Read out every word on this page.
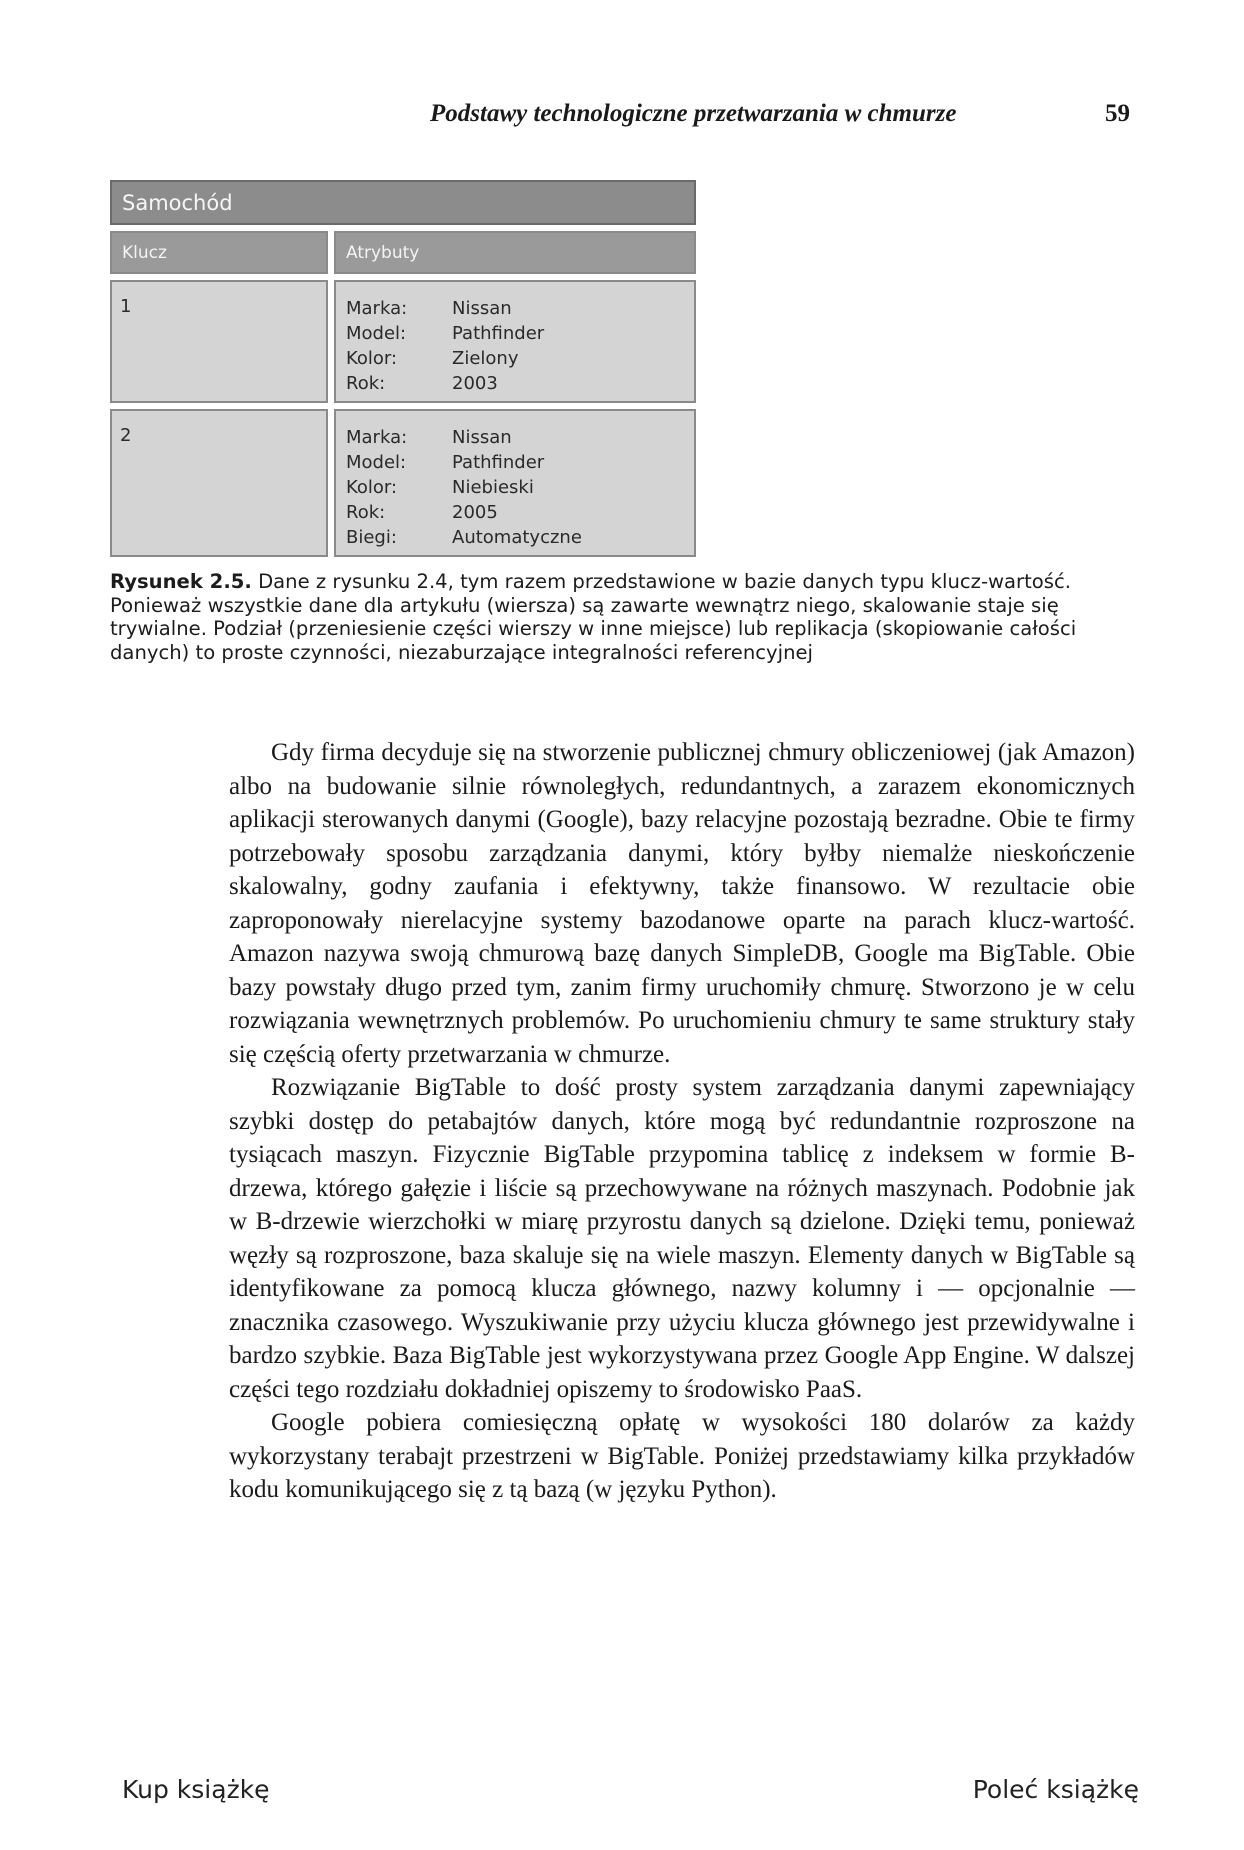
Podstawy technologiczne przetwarzania w chmurze	59
Samochód
Klucz	Atrybuty
1	Marka:	Nissan
Model:	Pathfinder
Kolor:	Zielony
Rok:	2003
2	Marka:	Nissan
Model:	Pathfinder
Kolor:	Niebieski
Rok:	2005
Biegi:	Automatyczne
Rysunek 2.5. Dane z rysunku 2.4, tym razem przedstawione w bazie danych typu klucz-wartość. Ponieważ wszystkie dane dla artykułu (wiersza) są zawarte wewnątrz niego, skalowanie staje się trywialne. Podział (przeniesienie części wierszy w inne miejsce) lub replikacja (skopiowanie całości danych) to proste czynności, niezaburzające integralności referencyjnej

Gdy firma decyduje się na stworzenie publicznej chmury obliczeniowej (jak Amazon) albo na budowanie silnie równoległych, redundantnych, a zarazem ekonomicznych aplikacji sterowanych danymi (Google), bazy relacyjne pozostają bezradne. Obie te firmy potrzebowały sposobu zarządzania danymi, który byłby niemalże nieskończenie skalowalny, godny zaufania i efektywny, także finansowo. W rezultacie obie zaproponowały nierelacyjne systemy bazodanowe oparte na parach klucz-wartość. Amazon nazywa swoją chmurową bazę danych SimpleDB, Google ma BigTable. Obie bazy powstały długo przed tym, zanim firmy uruchomiły chmurę. Stworzono je w celu rozwiązania wewnętrznych problemów. Po uruchomieniu chmury te same struktury stały się częścią oferty przetwarzania w chmurze.

Rozwiązanie BigTable to dość prosty system zarządzania danymi zapewniający szybki dostęp do petabajtów danych, które mogą być redundantnie rozproszone na tysiącach maszyn. Fizycznie BigTable przypomina tablicę z indeksem w formie B-drzewa, którego gałęzie i liście są przechowywane na różnych maszynach. Podobnie jak w B-drzewie wierzchołki w miarę przyrostu danych są dzielone. Dzięki temu, ponieważ węzły są rozproszone, baza skaluje się na wiele maszyn. Elementy danych w BigTable są identyfikowane za pomocą klucza głównego, nazwy kolumny i — opcjonalnie — znacznika czasowego. Wyszukiwanie przy użyciu klucza głównego jest przewidywalne i bardzo szybkie. Baza BigTable jest wykorzystywana przez Google App Engine. W dalszej części tego rozdziału dokładniej opiszemy to środowisko PaaS.

Google pobiera comiesięczną opłatę w wysokości 180 dolarów za każdy wykorzystany terabajt przestrzeni w BigTable. Poniżej przedstawiamy kilka przykładów kodu komunikującego się z tą bazą (w języku Python).

Kup książkę	Poleć książkę
